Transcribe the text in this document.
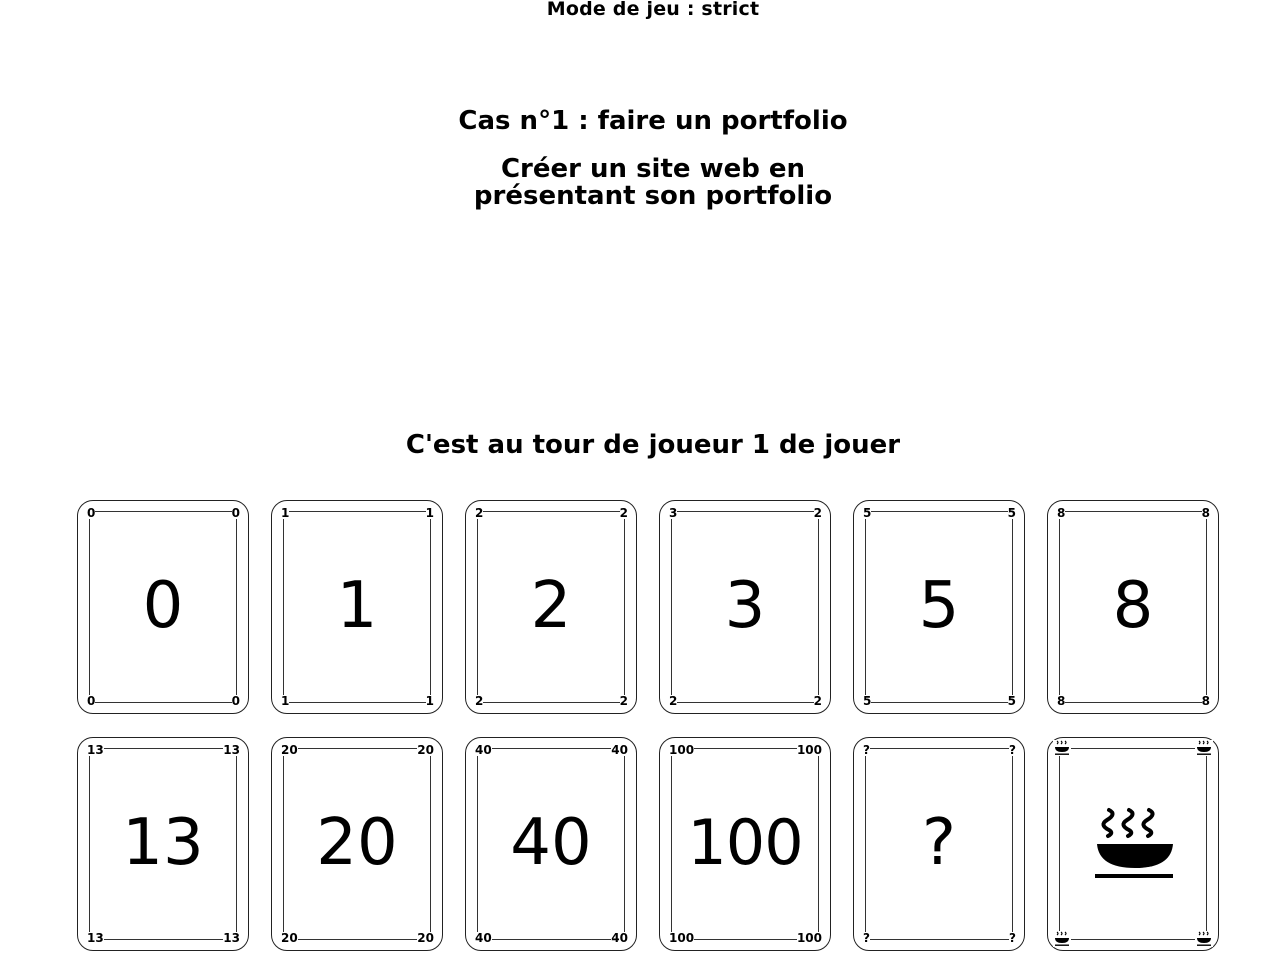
Mode de jeu : strict
Cas n°1 : faire un portfolio
Créer un site web en
présentant son portfolio
C'est au tour de joueur 1 de jouer
0	0
0	0
0
1	1
1	1
1
2	2
2	2
2
3	2
2	2
3
5	5
5	5
5
8	8
8	8
8
13	13
13	13
13
20	20
20	20
20
40	40
40	40
40
100	100
100	100
100
?	?
?	?
?
